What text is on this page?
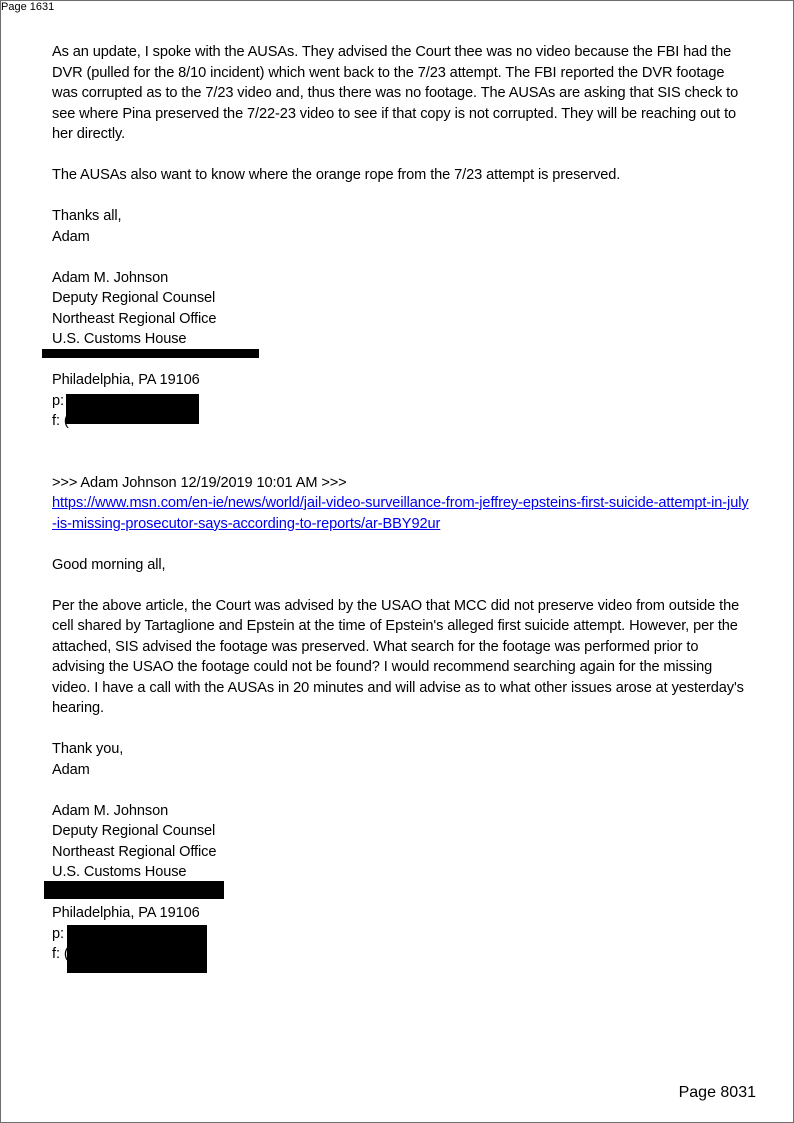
Page 1631

As an update, I spoke with the AUSAs. They advised the Court thee was no video because the FBI had the DVR (pulled for the 8/10 incident) which went back to the 7/23 attempt. The FBI reported the DVR footage was corrupted as to the 7/23 video and, thus there was no footage. The AUSAs are asking that SIS check to see where Pina preserved the 7/22-23 video to see if that copy is not corrupted. They will be reaching out to her directly.

The AUSAs also want to know where the orange rope from the 7/23 attempt is preserved.

Thanks all,
Adam
Adam M. Johnson
Deputy Regional Counsel
Northeast Regional Office
U.S. Customs House

Philadelphia, PA 19106
p:
f: (
>>> Adam Johnson 12/19/2019 10:01 AM >>>
https://www.msn.com/en-ie/news/world/jail-video-surveillance-from-jeffrey-epsteins-first-suicide-attempt-in-july-is-missing-prosecutor-says-according-to-reports/ar-BBY92ur
Good morning all,

Per the above article, the Court was advised by the USAO that MCC did not preserve video from outside the cell shared by Tartaglione and Epstein at the time of Epstein's alleged first suicide attempt. However, per the attached, SIS advised the footage was preserved. What search for the footage was performed prior to advising the USAO the footage could not be found? I would recommend searching again for the missing video. I have a call with the AUSAs in 20 minutes and will advise as to what other issues arose at yesterday's hearing.

Thank you,
Adam
Adam M. Johnson
Deputy Regional Counsel
Northeast Regional Office
U.S. Customs House

Philadelphia, PA 19106
p:
f: (
Page 8031
